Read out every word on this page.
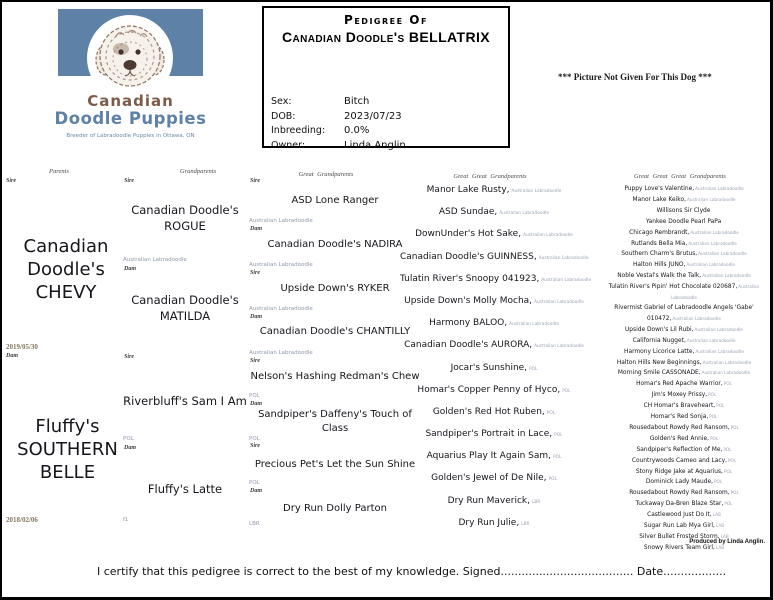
Canadian
Doodle Puppies
Breeder of Labradoodle Puppies in Ottawa, ON
Pedigree Of
Canadian Doodle's BELLATRIX
Sex:	Bitch
DOB:	2023/07/23
Inbreeding:	0.0%
Owner:	Linda Anglin
*** Picture Not Given For This Dog ***
Parents	Grandparents	Great Grandparents	Great Great Grandparents	Great Great Great Grandparents
Sire
Canadian
Doodle's
CHEVY
2019/05/30
Dam
Fluffy's
SOUTHERN
BELLE
2018/02/06
Sire
Canadian Doodle's ROGUE
Australian Labradoodle
Dam
Canadian Doodle's MATILDA
Sire
Riverbluff's Sam I Am
POL
Dam
Fluffy's Latte
f1
Sire
ASD Lone Ranger
Australian Labradoodle
Dam
Canadian Doodle's NADIRA
Australian Labradoodle
Sire
Upside Down's RYKER
Australian Labradoodle
Dam
Canadian Doodle's CHANTILLY
Australian Labradoodle
Sire
Nelson's Hashing Redman's Chew
POL
Dam
Sandpiper's Daffeny's Touch of Class
POL
Sire
Precious Pet's Let the Sun Shine
POL
Dam
Dry Run Dolly Parton
LBR
Manor Lake Rusty, Australian Labradoodle
ASD Sundae, Australian Labradoodle
DownUnder's Hot Sake, Australian Labradoodle
Canadian Doodle's GUINNESS, Australian Labradoodle
Tulatin River's Snoopy 041923, Australian Labradoodle
Upside Down's Molly Mocha, Australian Labradoodle
Harmony BALOO, Australian Labradoodle
Canadian Doodle's AURORA, Australian Labradoodle
Jocar's Sunshine, POL
Homar's Copper Penny of Hyco, POL
Golden's Red Hot Ruben, POL
Sandpiper's Portrait in Lace, POL
Aquarius Play It Again Sam, POL
Golden's Jewel of De Nile, POL
Dry Run Maverick, LBR
Dry Run Julie, LBR
Puppy Love's Valentine,Australian Labradoodle
Manor Lake Keiko,Australian Labradoodle
Willisons Sir Clyde
Yankee Doodle Pearl PaPa
Chicago Rembrandt,Australian Labradoodle
Rutlands Bella Mia,Australian Labradoodle
Southern Charm's Brutus,Australian Labradoodle
Halton Hills JUNO,Australian Labradoodle
Noble Vestal's Walk the Talk,Australian Labradoodle
Tulatin River's Pipin' Hot Chocolate 020687,Australian Labradoodle
Rivermist Gabriel of Labradoodle Angels 'Gabe' 010472,Australian Labradoodle
Upside Down's Lil Rubi,Australian Labradoodle
California Nugget,Australian Labradoodle
Harmony Licorice Latte,Australian Labradoodle
Halton Hills New Beginnings,Australian Labradoodle
Morning Smile CASSONADE,Australian Labradoodle
Homar's Red Apache Warrior,POL
Jim's Moxey Prissy,POL
CH Homar's Braveheart,POL
Homar's Red Sonja,POL
Rousedabout Rowdy Red Ransom,POL
Golden's Red Annie,POL
Sandpiper's Reflection of Me,POL
Countrywoods Cameo and Lacy,POL
Stony Ridge Jake at Aquarius,POL
Dominick Lady Maude,POL
Rousedabout Rowdy Red Ransom,POL
Tuckaway Da-Bren Blaze Star,POL
Castlewood Just Do It,LAB
Sugar Run Lab Mya Girl,LAB
Silver Bullet Frosted Storm,LAB
Snowy Rivers Team Girl,LAB
Produced by Linda Anglin.
I certify that this pedigree is correct to the best of my knowledge. Signed...................................... Date..................
